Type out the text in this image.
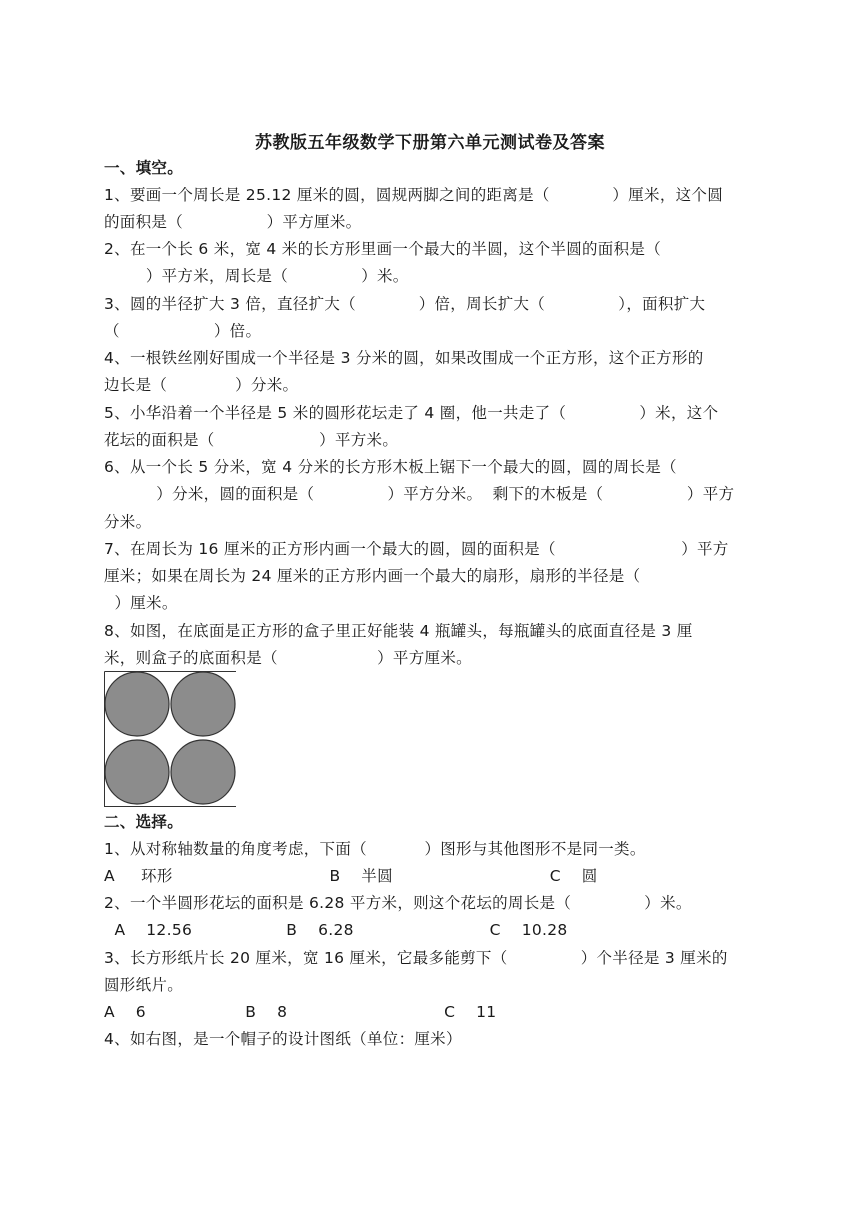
苏教版五年级数学下册第六单元测试卷及答案
一、填空。
1、要画一个周长是 25.12 厘米的圆，圆规两脚之间的距离是（            ）厘米，这个圆
的面积是（                ）平方厘米。
2、在一个长 6 米，宽 4 米的长方形里画一个最大的半圆，这个半圆的面积是（
）平方米，周长是（              ）米。
3、圆的半径扩大 3 倍，直径扩大（            ）倍，周长扩大（              ），面积扩大
（                  ）倍。
4、一根铁丝刚好围成一个半径是 3 分米的圆，如果改围成一个正方形，这个正方形的
边长是（             ）分米。
5、小华沿着一个半径是 5 米的圆形花坛走了 4 圈，他一共走了（              ）米，这个
花坛的面积是（                    ）平方米。
6、从一个长 5 分米，宽 4 分米的长方形木板上锯下一个最大的圆，圆的周长是（
）分米，圆的面积是（              ）平方分米。  剩下的木板是（                ）平方
分米。
7、在周长为 16 厘米的正方形内画一个最大的圆，圆的面积是（                        ）平方
厘米；如果在周长为 24 厘米的正方形内画一个最大的扇形，扇形的半径是（
）厘米。
8、如图，在底面是正方形的盒子里正好能装 4 瓶罐头，每瓶罐头的底面直径是 3 厘
米，则盒子的底面积是（                   ）平方厘米。
二、选择。
1、从对称轴数量的角度考虑，下面（           ）图形与其他图形不是同一类。
A     环形                              B    半圆                              C    圆
2、一个半圆形花坛的面积是 6.28 平方米，则这个花坛的周长是（              ）米。
A    12.56                  B    6.28                          C    10.28
3、长方形纸片长 20 厘米，宽 16 厘米，它最多能剪下（              ）个半径是 3 厘米的
圆形纸片。
A    6                   B    8                              C    11
4、如右图，是一个帽子的设计图纸（单位：厘米）
